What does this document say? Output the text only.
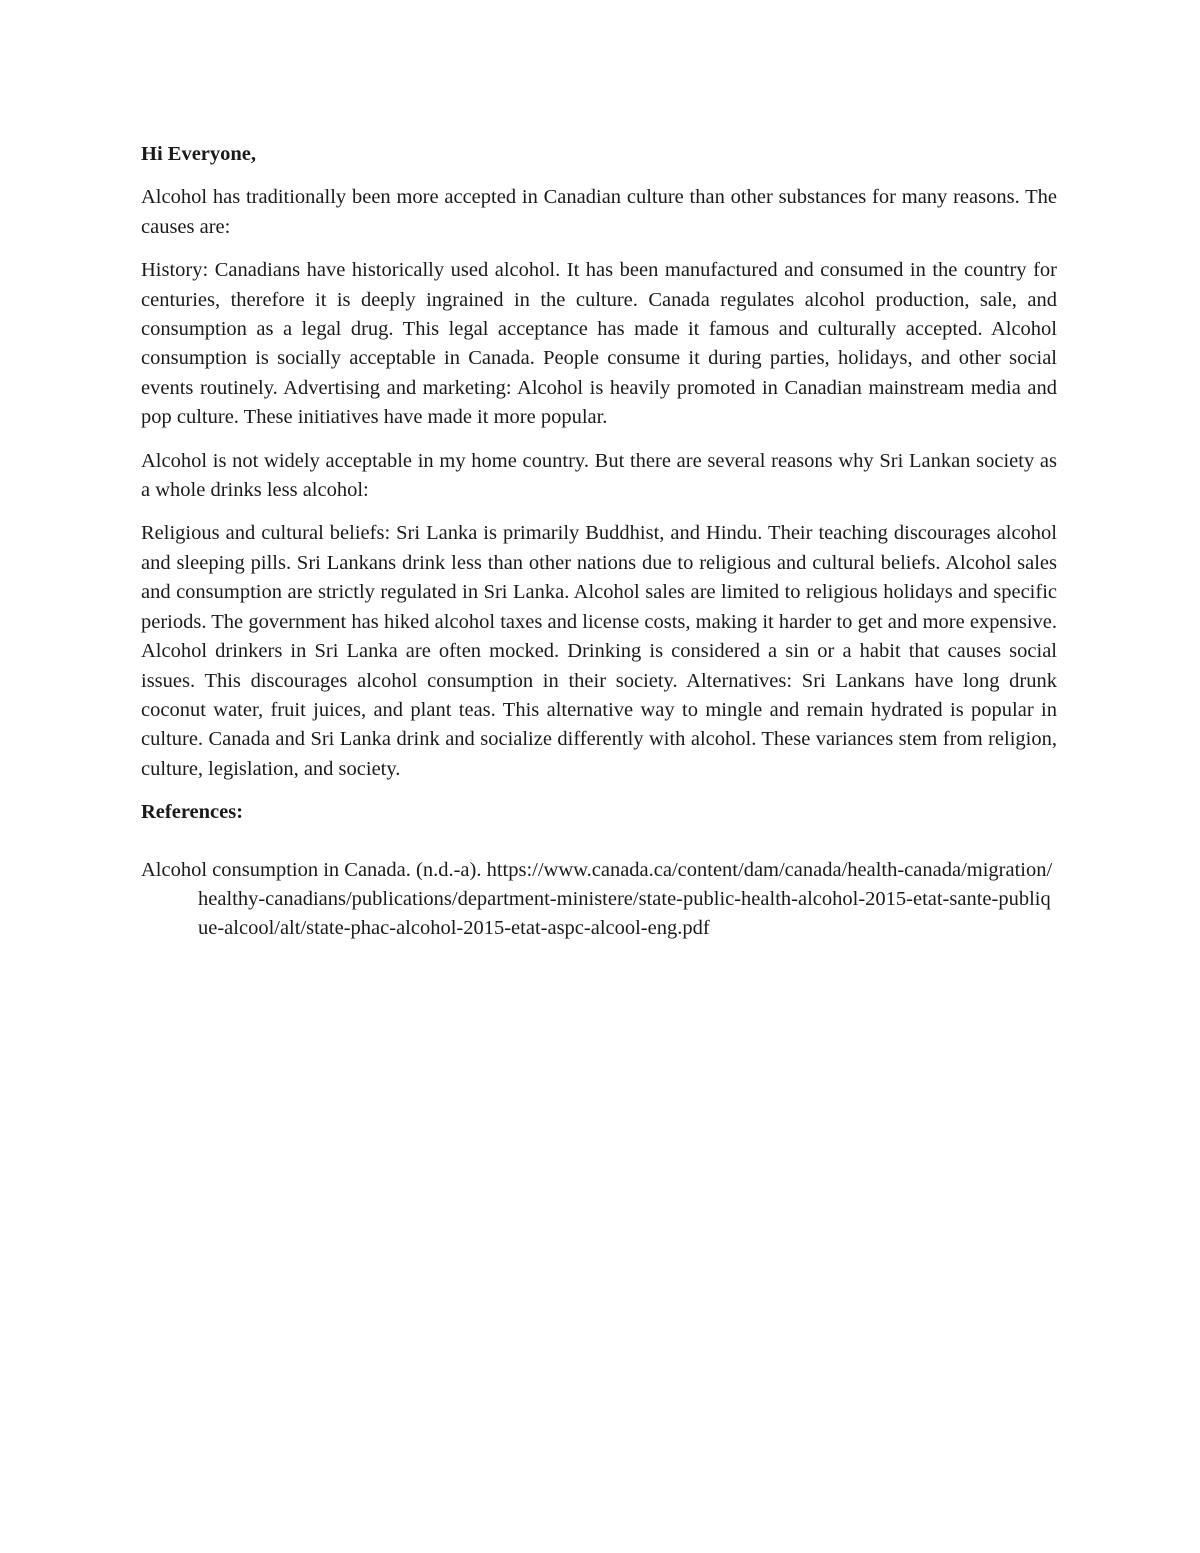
Hi Everyone,

Alcohol has traditionally been more accepted in Canadian culture than other substances for many reasons. The causes are:

History: Canadians have historically used alcohol. It has been manufactured and consumed in the country for centuries, therefore it is deeply ingrained in the culture. Canada regulates alcohol production, sale, and consumption as a legal drug. This legal acceptance has made it famous and culturally accepted. Alcohol consumption is socially acceptable in Canada. People consume it during parties, holidays, and other social events routinely. Advertising and marketing: Alcohol is heavily promoted in Canadian mainstream media and pop culture. These initiatives have made it more popular.

Alcohol is not widely acceptable in my home country. But there are several reasons why Sri Lankan society as a whole drinks less alcohol:

Religious and cultural beliefs: Sri Lanka is primarily Buddhist, and Hindu. Their teaching discourages alcohol and sleeping pills. Sri Lankans drink less than other nations due to religious and cultural beliefs. Alcohol sales and consumption are strictly regulated in Sri Lanka. Alcohol sales are limited to religious holidays and specific periods. The government has hiked alcohol taxes and license costs, making it harder to get and more expensive. Alcohol drinkers in Sri Lanka are often mocked. Drinking is considered a sin or a habit that causes social issues. This discourages alcohol consumption in their society. Alternatives: Sri Lankans have long drunk coconut water, fruit juices, and plant teas. This alternative way to mingle and remain hydrated is popular in culture. Canada and Sri Lanka drink and socialize differently with alcohol. These variances stem from religion, culture, legislation, and society.

References:

Alcohol consumption in Canada. (n.d.-a). https://www.canada.ca/content/dam/canada/health-canada/migration/healthy-canadians/publications/department-ministere/state-public-health-alcohol-2015-etat-sante-publique-alcool/alt/state-phac-alcohol-2015-etat-aspc-alcool-eng.pdf
